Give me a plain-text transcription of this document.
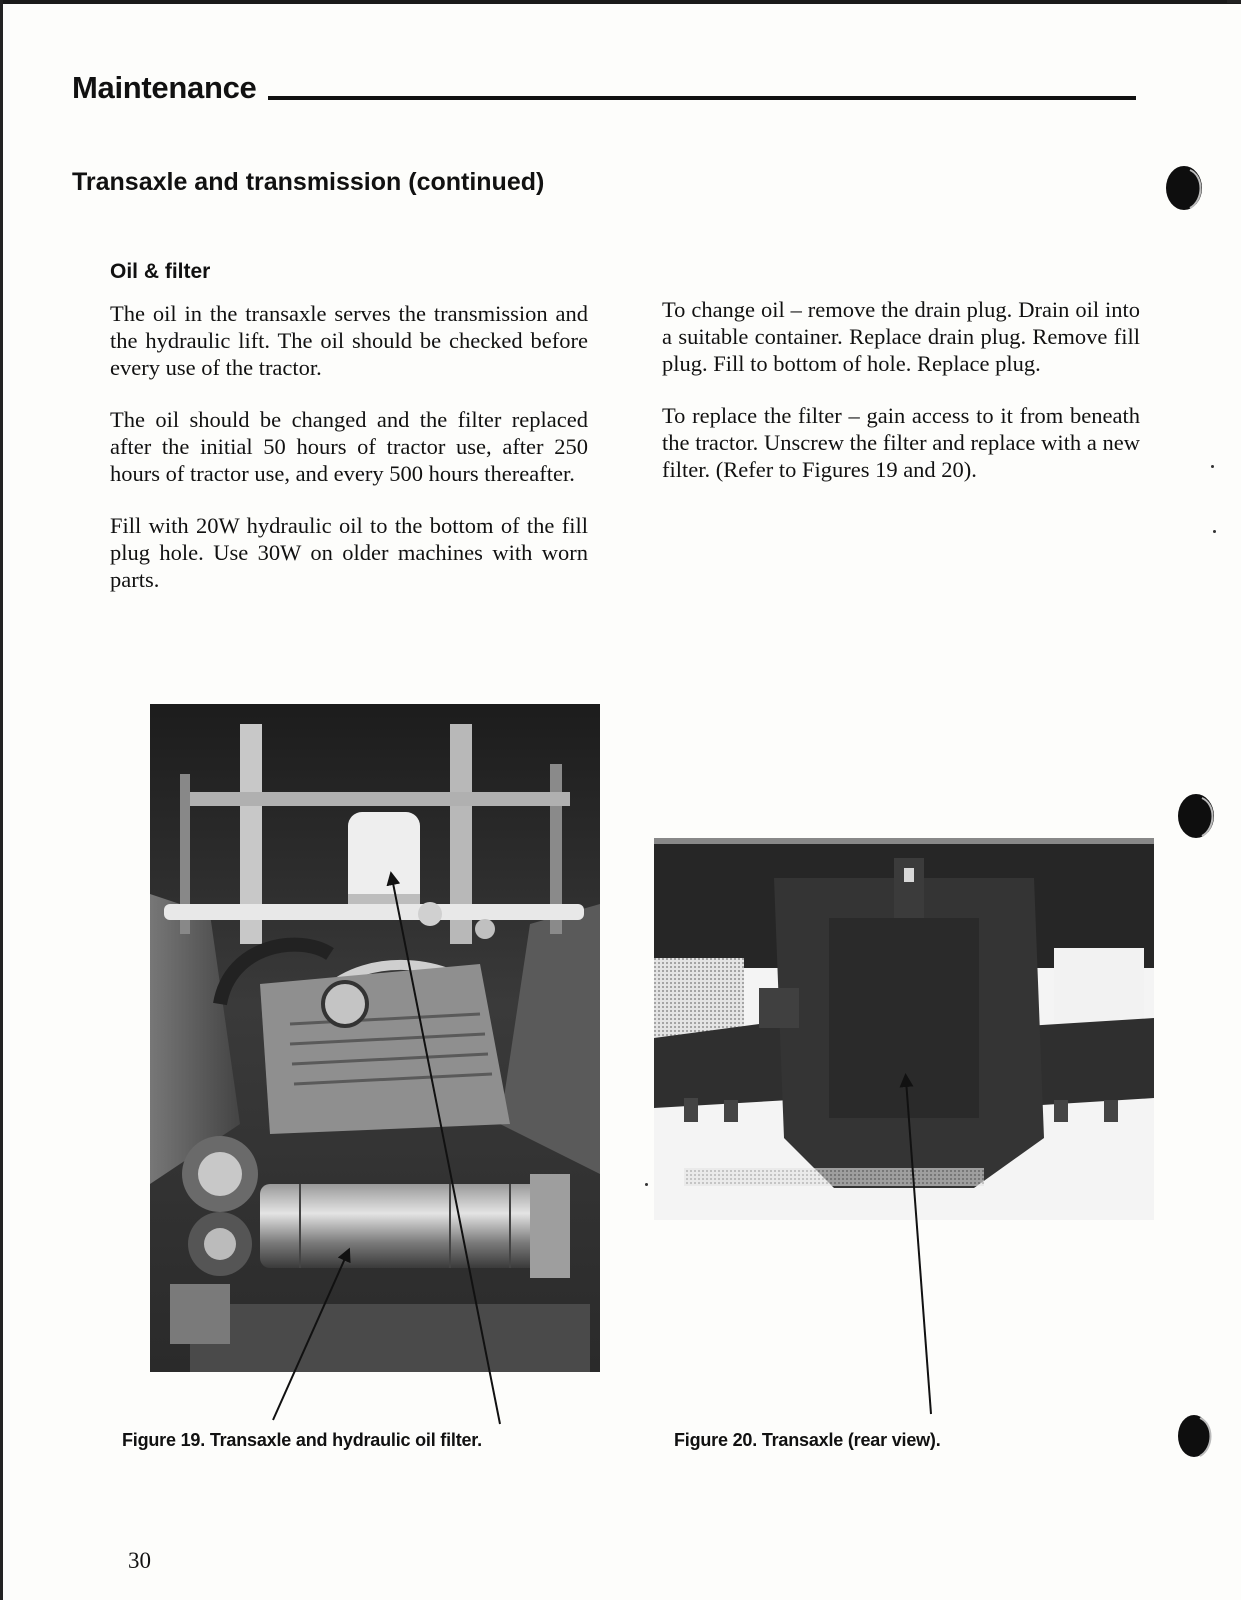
Maintenance
Transaxle and transmission (continued)
Oil & filter

The oil in the transaxle serves the transmission and the hydraulic lift. The oil should be checked before every use of the tractor.

The oil should be changed and the filter replaced after the initial 50 hours of tractor use, after 250 hours of tractor use, and every 500 hours thereafter.

Fill with 20W hydraulic oil to the bottom of the fill plug hole. Use 30W on older machines with worn parts.

To change oil – remove the drain plug. Drain oil into a suitable container. Replace drain plug. Remove fill plug. Fill to bottom of hole. Replace plug.

To replace the filter – gain access to it from beneath the tractor. Unscrew the filter and replace with a new filter. (Refer to Figures 19 and 20).

Figure 19. Transaxle and hydraulic oil filter.	Figure 20. Transaxle (rear view).

30
